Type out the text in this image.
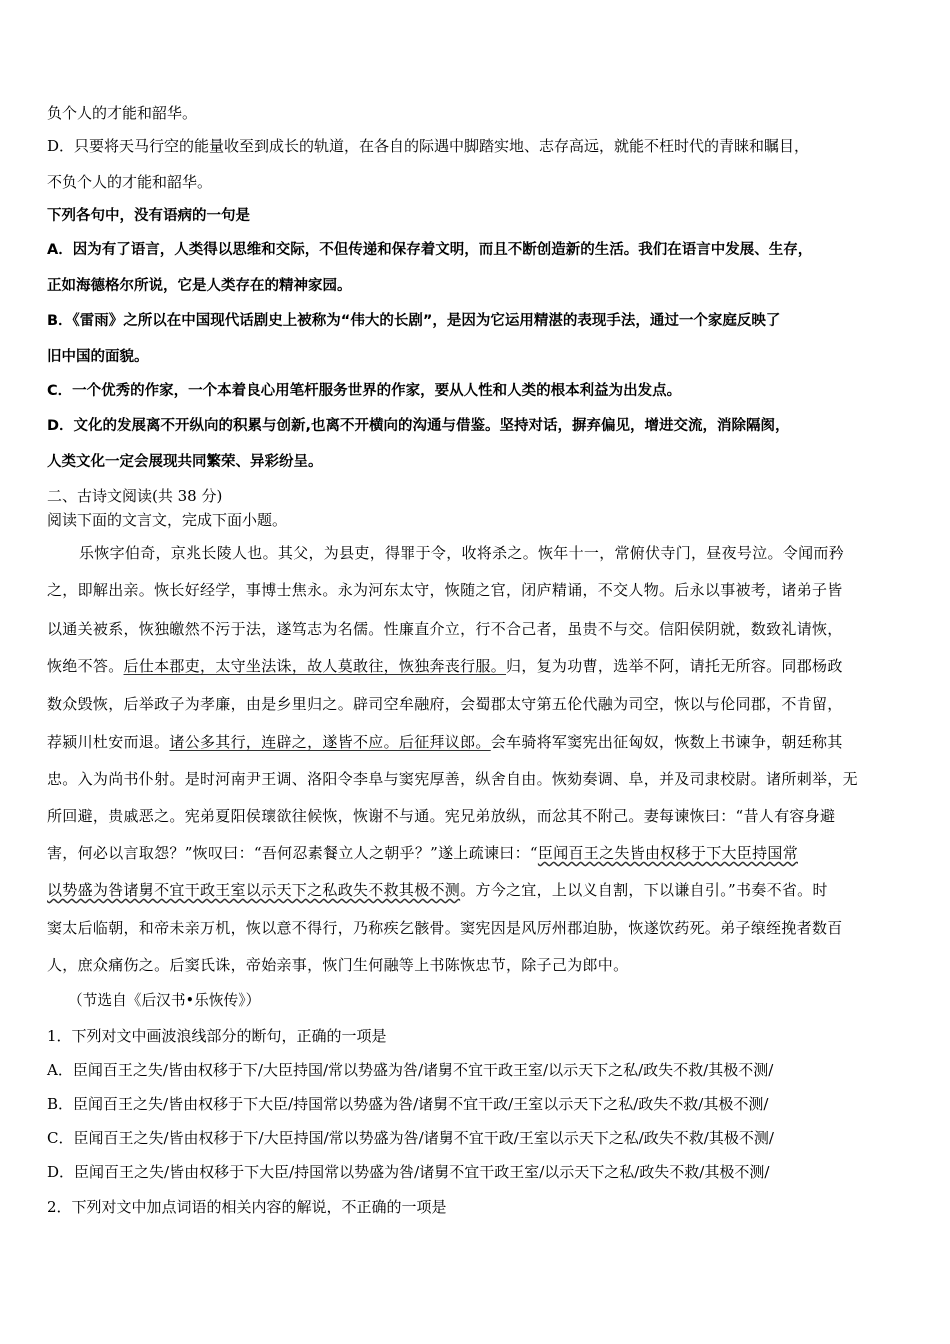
负个人的才能和韶华。
D．只要将天马行空的能量收至到成长的轨道，在各自的际遇中脚踏实地、志存高远，就能不枉时代的青睐和瞩目，
不负个人的才能和韶华。
下列各句中，没有语病的一句是
A．因为有了语言，人类得以思维和交际，不但传递和保存着文明，而且不断创造新的生活。我们在语言中发展、生存，
正如海德格尔所说，它是人类存在的精神家园。
B．《雷雨》之所以在中国现代话剧史上被称为“伟大的长剧”，是因为它运用精湛的表现手法，通过一个家庭反映了
旧中国的面貌。
C．一个优秀的作家，一个本着良心用笔杆服务世界的作家，要从人性和人类的根本利益为出发点。
D．文化的发展离不开纵向的积累与创新,也离不开横向的沟通与借鉴。坚持对话，摒弃偏见，增进交流，消除隔阂，
人类文化一定会展现共同繁荣、异彩纷呈。
二、古诗文阅读(共 38 分)
阅读下面的文言文，完成下面小题。
乐恢字伯奇，京兆长陵人也。其父，为县吏，得罪于令，收将杀之。恢年十一，常俯伏寺门，昼夜号泣。令闻而矜
之，即解出亲。恢长好经学，事博士焦永。永为河东太守，恢随之官，闭庐精诵，不交人物。后永以事被考，诸弟子皆
以通关被系，恢独皦然不污于法，遂笃志为名儒。性廉直介立，行不合己者，虽贵不与交。信阳侯阴就，数致礼请恢，
恢绝不答。后仕本郡吏，太守坐法诛，故人莫敢往，恢独奔丧行服。归，复为功曹，选举不阿，请托无所容。同郡杨政
数众毁恢，后举政子为孝廉，由是乡里归之。辟司空牟融府，会蜀郡太守第五伦代融为司空，恢以与伦同郡，不肯留，
荐颍川杜安而退。诸公多其行，连辟之，遂皆不应。后征拜议郎。会车骑将军窦宪出征匈奴，恢数上书谏争，朝廷称其
忠。入为尚书仆射。是时河南尹王调、洛阳令李阜与窦宪厚善，纵舍自由。恢劾奏调、阜，并及司隶校尉。诸所刺举，无
所回避，贵戚恶之。宪弟夏阳侯瓌欲往候恢，恢谢不与通。宪兄弟放纵，而忿其不附己。妻每谏恢曰：“昔人有容身避
害，何必以言取怨？”恢叹曰：“吾何忍素餐立人之朝乎？”遂上疏谏曰：“臣闻百王之失皆由权移于下大臣持国常
以势盛为咎诸舅不宜干政王室以示天下之私政失不救其极不测。方今之宜，上以义自割，下以谦自引。”书奏不省。时
窦太后临朝，和帝未亲万机，恢以意不得行，乃称疾乞骸骨。窦宪因是风厉州郡迫胁，恢遂饮药死。弟子缞绖挽者数百
人，庶众痛伤之。后窦氏诛，帝始亲事，恢门生何融等上书陈恢忠节，除子己为郎中。
（节选自《后汉书•乐恢传》）
1．下列对文中画波浪线部分的断句，正确的一项是
A．臣闻百王之失/皆由权移于下/大臣持国/常以势盛为咎/诸舅不宜干政王室/以示天下之私/政失不救/其极不测/
B．臣闻百王之失/皆由权移于下大臣/持国常以势盛为咎/诸舅不宜干政/王室以示天下之私/政失不救/其极不测/
C．臣闻百王之失/皆由权移于下/大臣持国/常以势盛为咎/诸舅不宜干政/王室以示天下之私/政失不救/其极不测/
D．臣闻百王之失/皆由权移于下大臣/持国常以势盛为咎/诸舅不宜干政王室/以示天下之私/政失不救/其极不测/
2．下列对文中加点词语的相关内容的解说，不正确的一项是
